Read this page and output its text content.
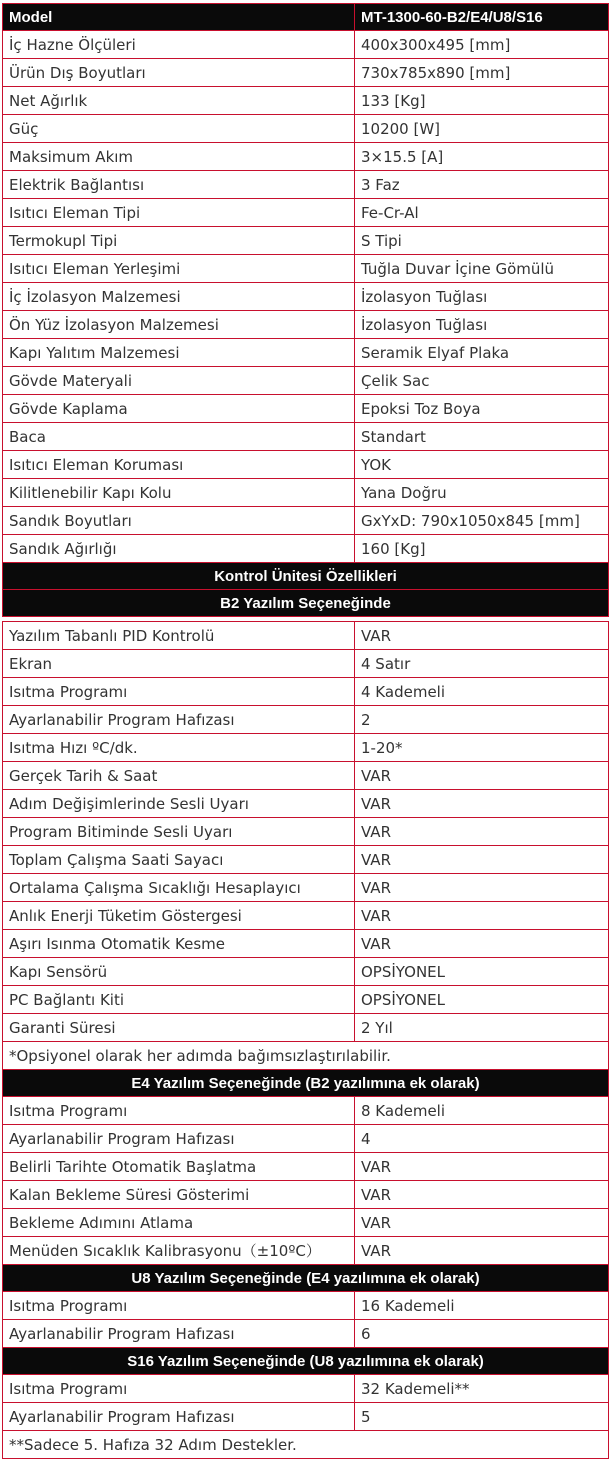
Model	MT-1300-60-B2/E4/U8/S16
İç Hazne Ölçüleri	400x300x495 [mm]
Ürün Dış Boyutları	730x785x890 [mm]
Net Ağırlık	133 [Kg]
Güç	10200 [W]
Maksimum Akım	3×15.5 [A]
Elektrik Bağlantısı	3 Faz
Isıtıcı Eleman Tipi	Fe-Cr-Al
Termokupl Tipi	S Tipi
Isıtıcı Eleman Yerleşimi	Tuğla Duvar İçine Gömülü
İç İzolasyon Malzemesi	İzolasyon Tuğlası
Ön Yüz İzolasyon Malzemesi	İzolasyon Tuğlası
Kapı Yalıtım Malzemesi	Seramik Elyaf Plaka
Gövde Materyali	Çelik Sac
Gövde Kaplama	Epoksi Toz Boya
Baca	Standart
Isıtıcı Eleman Koruması	YOK
Kilitlenebilir Kapı Kolu	Yana Doğru
Sandık Boyutları	GxYxD: 790x1050x845 [mm]
Sandık Ağırlığı	160 [Kg]
Kontrol Ünitesi Özellikleri	
B2 Yazılım Seçeneğinde	

Yazılım Tabanlı PID Kontrolü	VAR
Ekran	4 Satır
Isıtma Programı	4 Kademeli
Ayarlanabilir Program Hafızası	2
Isıtma Hızı ºC/dk.	1-20*
Gerçek Tarih & Saat	VAR
Adım Değişimlerinde Sesli Uyarı	VAR
Program Bitiminde Sesli Uyarı	VAR
Toplam Çalışma Saati Sayacı	VAR
Ortalama Çalışma Sıcaklığı Hesaplayıcı	VAR
Anlık Enerji Tüketim Göstergesi	VAR
Aşırı Isınma Otomatik Kesme	VAR
Kapı Sensörü	OPSİYONEL
PC Bağlantı Kiti	OPSİYONEL
Garanti Süresi	2 Yıl
*Opsiyonel olarak her adımda bağımsızlaştırılabilir.	
E4 Yazılım Seçeneğinde (B2 yazılımına ek olarak)	
Isıtma Programı	8 Kademeli
Ayarlanabilir Program Hafızası	4
Belirli Tarihte Otomatik Başlatma	VAR
Kalan Bekleme Süresi Gösterimi	VAR
Bekleme Adımını Atlama	VAR
Menüden Sıcaklık Kalibrasyonu（±10ºC）	VAR
U8 Yazılım Seçeneğinde (E4 yazılımına ek olarak)	
Isıtma Programı	16 Kademeli
Ayarlanabilir Program Hafızası	6
S16 Yazılım Seçeneğinde (U8 yazılımına ek olarak)	
Isıtma Programı	32 Kademeli**
Ayarlanabilir Program Hafızası	5
**Sadece 5. Hafıza 32 Adım Destekler.	
